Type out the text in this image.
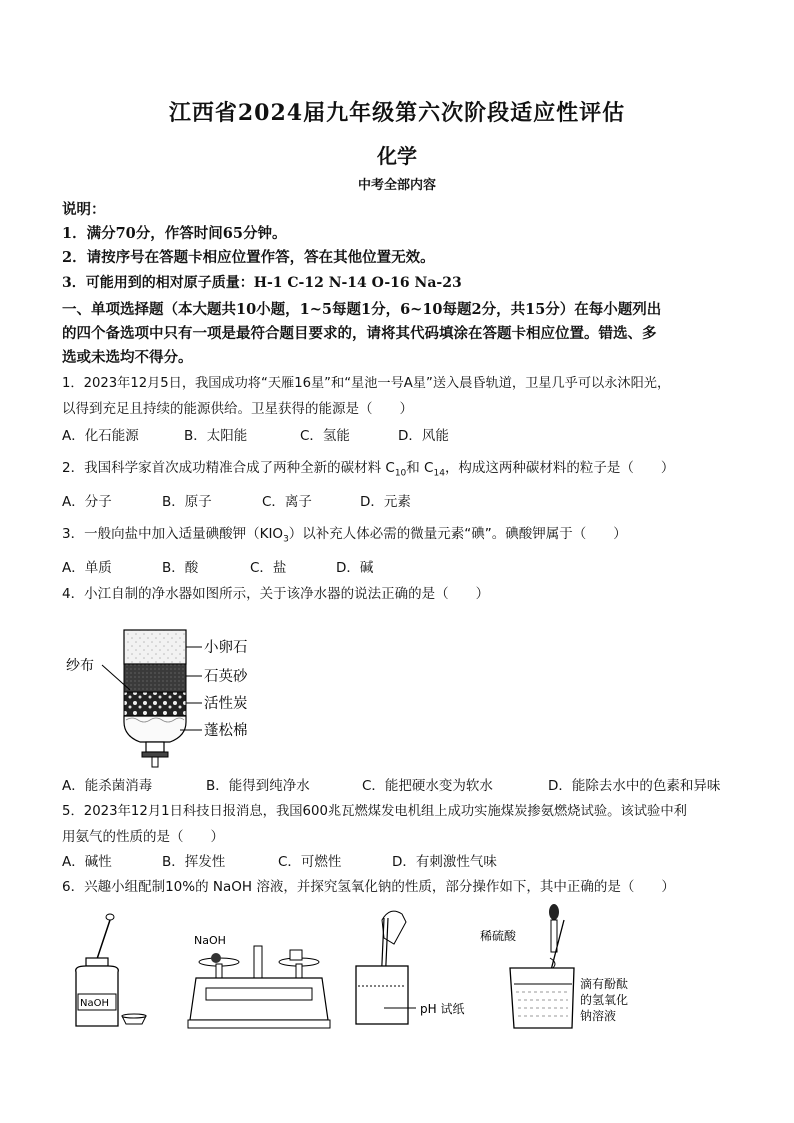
江西省2024届九年级第六次阶段适应性评估
化学
中考全部内容
说明：
1．满分70分，作答时间65分钟。
2．请按序号在答题卡相应位置作答，答在其他位置无效。
3．可能用到的相对原子质量：H-1 C-12 N-14 O-16 Na-23
一、单项选择题（本大题共10小题，1~5每题1分，6~10每题2分，共15分）在每小题列出
的四个备选项中只有一项是最符合题目要求的，请将其代码填涂在答题卡相应位置。错选、多
选或未选均不得分。
1．2023年12月5日，我国成功将“天雁16星”和“星池一号A星”送入晨昏轨道，卫星几乎可以永沐阳光，
以得到充足且持续的能源供给。卫星获得的能源是（　　）
A．化石能源	B．太阳能	C．氢能	D．风能
2．我国科学家首次成功精准合成了两种全新的碳材料 $C_{10}$和 $C_{14}$，构成这两种碳材料的粒子是（　　）
A．分子	B．原子	C．离子	D．元素
3．一般向盐中加入适量碘酸钾$(KIO_3)$以补充人体必需的微量元素“碘”。碘酸钾属于（　　）
A．单质	B．酸	C．盐	D．碱
4．小江自制的净水器如图所示，关于该净水器的说法正确的是（　　）
纱布
小卵石
石英砂
活性炭
蓬松棉
A．能杀菌消毒	B．能得到纯净水	C．能把硬水变为软水	D．能除去水中的色素和异味
5．2023年12月1日科技日报消息，我国600兆瓦燃煤发电机组上成功实施煤炭掺氨燃烧试验。该试验中利
用氨气的性质的是（　　）
A．碱性	B．挥发性	C．可燃性	D．有刺激性气味
6．兴趣小组配制10%的 NaOH 溶液，并探究氢氧化钠的性质，部分操作如下，其中正确的是（　　）
NaOH
NaOH
pH 试纸
稀硫酸
滴有酚酞
的氢氧化
钠溶液
